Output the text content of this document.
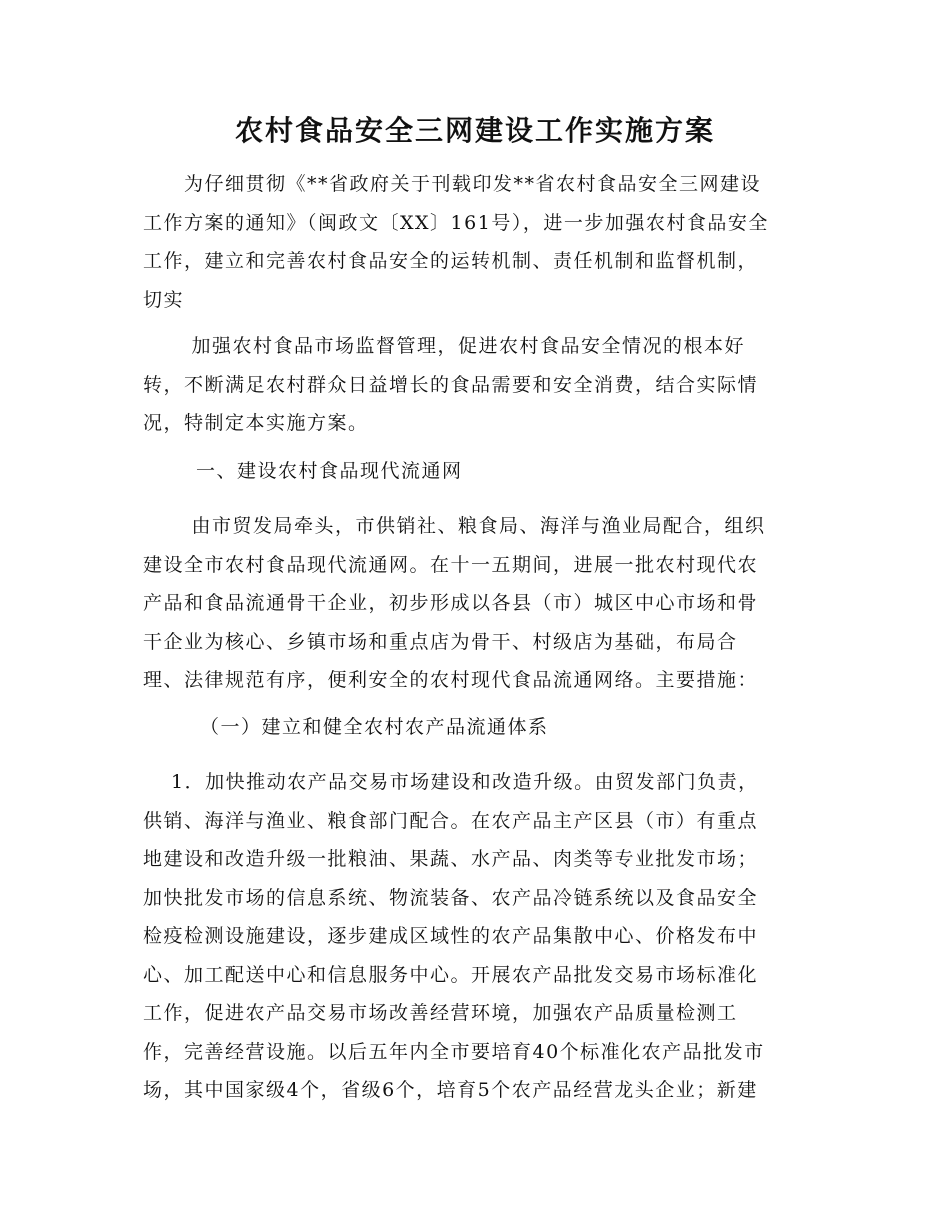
农村食品安全三网建设工作实施方案

　　为仔细贯彻《**省政府关于刊载印发**省农村食品安全三网建设
工作方案的通知》（闽政文〔XX〕161号），进一步加强农村食品安全
工作，建立和完善农村食品安全的运转机制、责任机制和监督机制，
切实

　　 加强农村食品市场监督管理，促进农村食品安全情况的根本好
转，不断满足农村群众日益增长的食品需要和安全消费，结合实际情
况，特制定本实施方案。

一、建设农村食品现代流通网

　　 由市贸发局牵头，市供销社、粮食局、海洋与渔业局配合，组织
建设全市农村食品现代流通网。在十一五期间，进展一批农村现代农
产品和食品流通骨干企业，初步形成以各县（市）城区中心市场和骨
干企业为核心、乡镇市场和重点店为骨干、村级店为基础，布局合
理、法律规范有序，便利安全的农村现代食品流通网络。主要措施：

（一）建立和健全农村农产品流通体系

　 1．加快推动农产品交易市场建设和改造升级。由贸发部门负责，
供销、海洋与渔业、粮食部门配合。在农产品主产区县（市）有重点
地建设和改造升级一批粮油、果蔬、水产品、肉类等专业批发市场；
加快批发市场的信息系统、物流装备、农产品冷链系统以及食品安全
检疫检测设施建设，逐步建成区域性的农产品集散中心、价格发布中
心、加工配送中心和信息服务中心。开展农产品批发交易市场标准化
工作，促进农产品交易市场改善经营环境，加强农产品质量检测工
作，完善经营设施。以后五年内全市要培育40个标准化农产品批发市
场，其中国家级4个，省级6个，培育5个农产品经营龙头企业；新建
